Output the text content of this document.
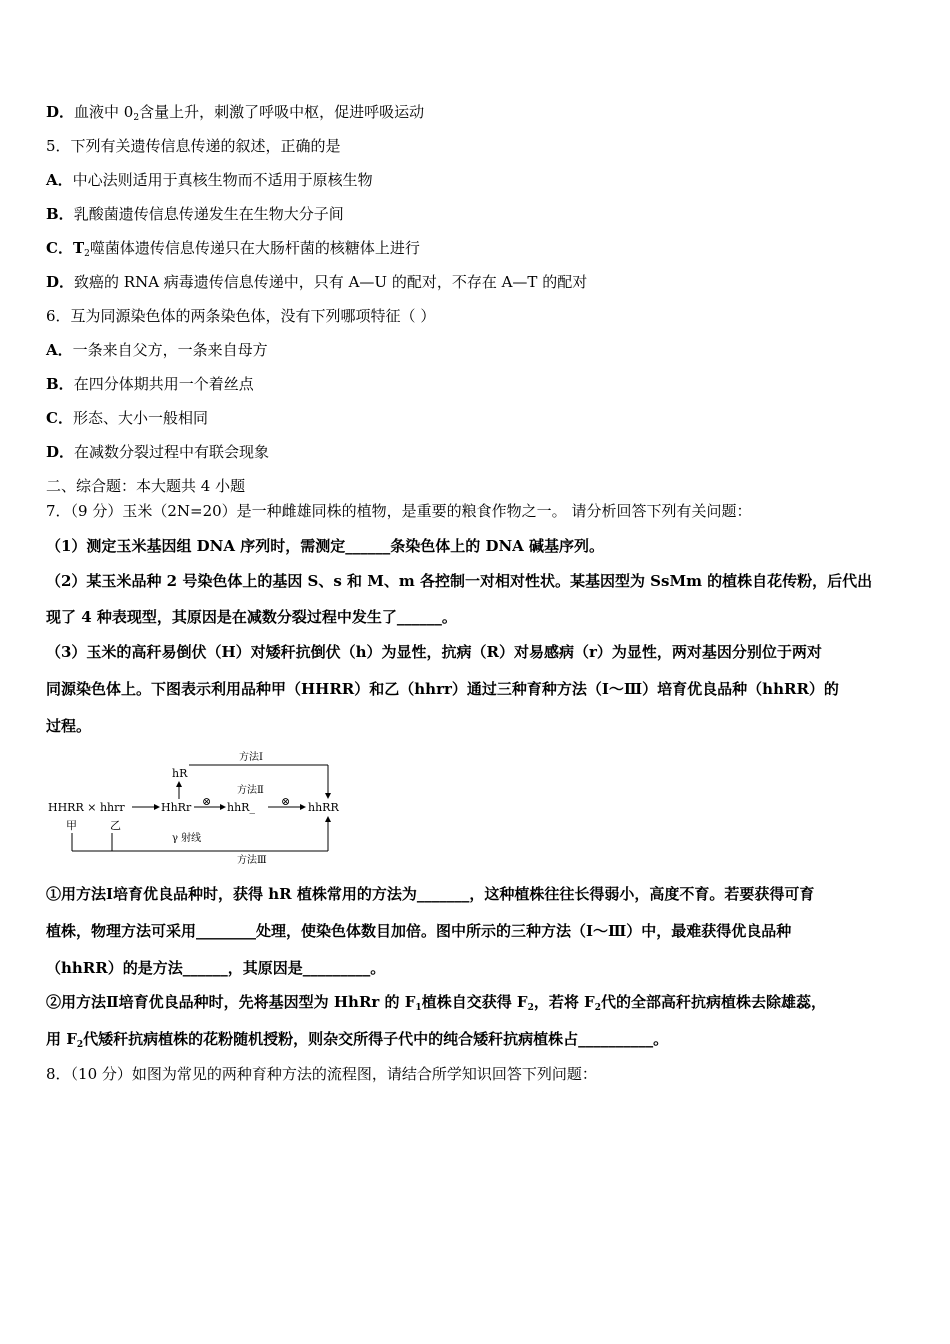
D．血液中 $0_2$含量上升，刺激了呼吸中枢，促进呼吸运动
5．下列有关遗传信息传递的叙述，正确的是
A．中心法则适用于真核生物而不适用于原核生物
B．乳酸菌遗传信息传递发生在生物大分子间
C．$T_2$噬菌体遗传信息传递只在大肠杆菌的核糖体上进行
D．致癌的 RNA 病毒遗传信息传递中，只有 A—U 的配对，不存在 A—T 的配对
6．互为同源染色体的两条染色体，没有下列哪项特征（ ）
A．一条来自父方，一条来自母方
B．在四分体期共用一个着丝点
C．形态、大小一般相同
D．在减数分裂过程中有联会现象
二、综合题：本大题共 4 小题
7．（9 分）玉米（2N=20）是一种雌雄同株的植物，是重要的粮食作物之一。 请分析回答下列有关问题：
（1）测定玉米基因组 DNA 序列时，需测定______条染色体上的 DNA 碱基序列。
（2）某玉米品种 2 号染色体上的基因 S、s 和 M、m 各控制一对相对性状。某基因型为 SsMm 的植株自花传粉，后代出
现了 4 种表现型，其原因是在减数分裂过程中发生了______。
（3）玉米的高秆易倒伏（H）对矮秆抗倒伏（h）为显性，抗病（R）对易感病（r）为显性，两对基因分别位于两对
同源染色体上。下图表示利用品种甲（HHRR）和乙（hhrr）通过三种育种方法（Ⅰ～Ⅲ）培育优良品种（hhRR）的
过程。
方法Ⅰ
hR
方法Ⅱ
HHRR × hhrr	HhRr ⊗ hhR_ ⊗ hhRR
甲	乙
γ 射线
方法Ⅲ
①用方法Ⅰ培育优良品种时，获得 hR 植株常用的方法为_______，这种植株往往长得弱小，高度不育。若要获得可育
植株，物理方法可采用________处理，使染色体数目加倍。图中所示的三种方法（Ⅰ～Ⅲ）中，最难获得优良品种
（hhRR）的是方法______，其原因是_________。
②用方法Ⅱ培育优良品种时，先将基因型为 HhRr 的 $F_1$植株自交获得 $F_2$，若将 $F_2$代的全部高秆抗病植株去除雄蕊，
用 $F_2$代矮秆抗病植株的花粉随机授粉，则杂交所得子代中的纯合矮秆抗病植株占__________。
8．（10 分）如图为常见的两种育种方法的流程图，请结合所学知识回答下列问题：
